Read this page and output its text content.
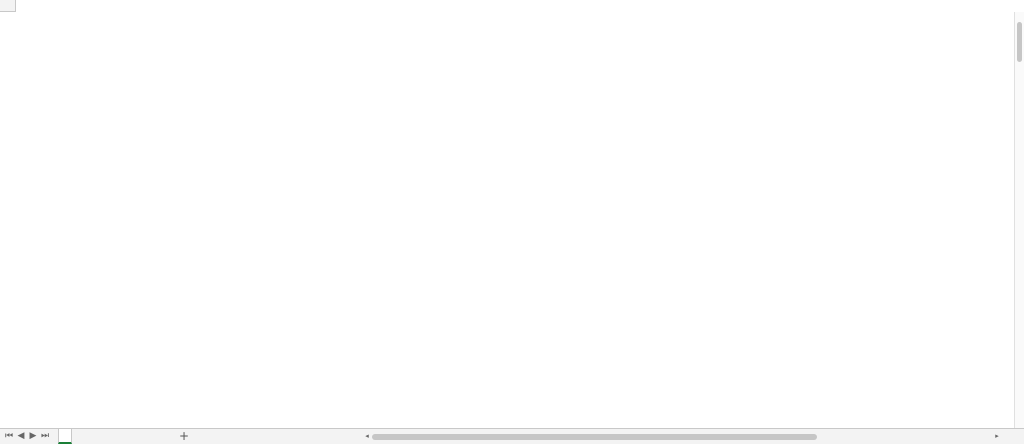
⏮ ◀ ▶ ⏭	+	◂	▸
